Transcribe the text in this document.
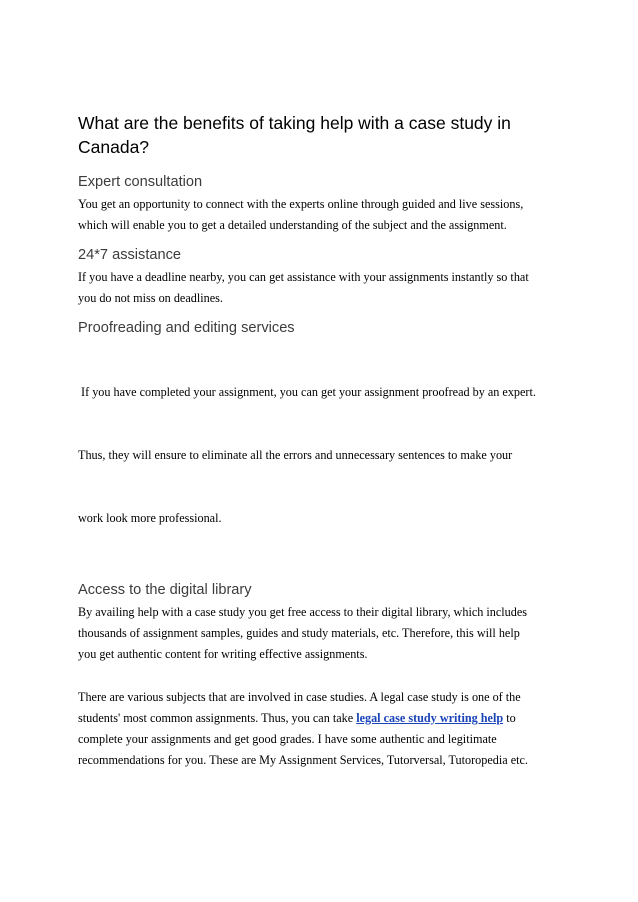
What are the benefits of taking help with a case study in
Canada?
Expert consultation

You get an opportunity to connect with the experts online through guided and live sessions,
which will enable you to get a detailed understanding of the subject and the assignment.

24*7 assistance

If you have a deadline nearby, you can get assistance with your assignments instantly so that
you do not miss on deadlines.

Proofreading and editing services

If you have completed your assignment, you can get your assignment proofread by an expert.

Thus, they will ensure to eliminate all the errors and unnecessary sentences to make your

work look more professional.

Access to the digital library

By availing help with a case study you get free access to their digital library, which includes
thousands of assignment samples, guides and study materials, etc. Therefore, this will help
you get authentic content for writing effective assignments.

There are various subjects that are involved in case studies. A legal case study is one of the
students' most common assignments. Thus, you can take legal case study writing help to
complete your assignments and get good grades. I have some authentic and legitimate
recommendations for you. These are My Assignment Services, Tutorversal, Tutoropedia etc.
